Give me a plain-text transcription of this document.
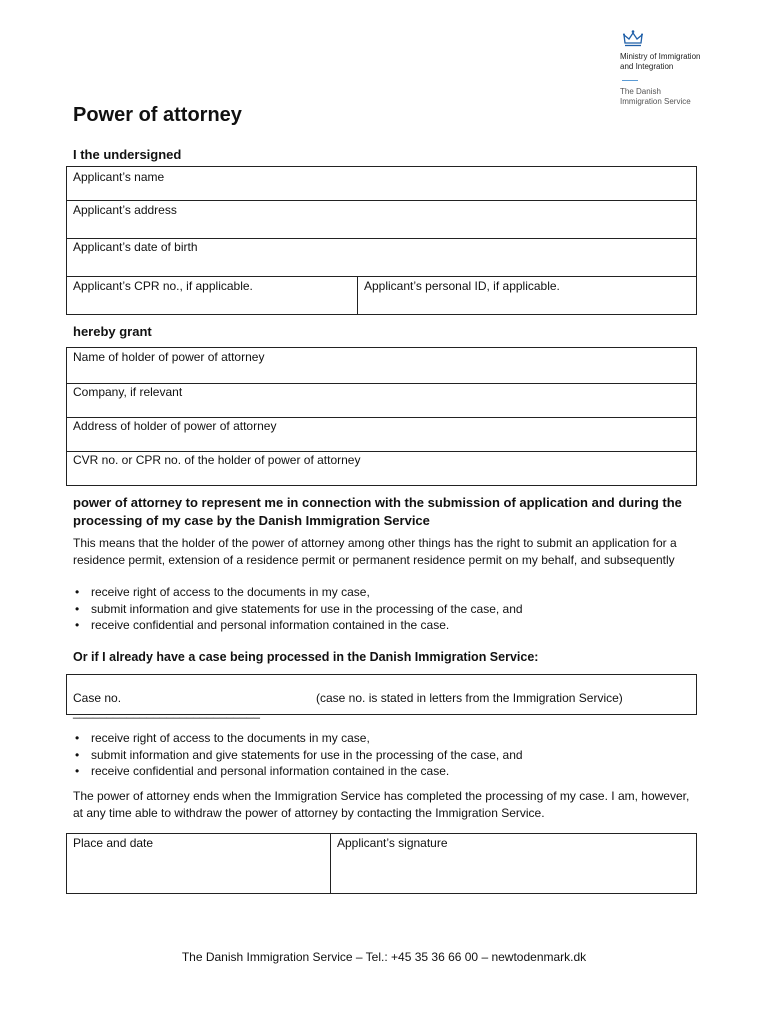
Ministry of Immigration
and Integration
The Danish
Immigration Service
Power of attorney
I the undersigned
Applicant’s name
Applicant’s address
Applicant’s date of birth
Applicant’s CPR no., if applicable.	Applicant’s personal ID, if applicable.
hereby grant
Name of holder of power of attorney
Company, if relevant
Address of holder of power of attorney
CVR no. or CPR no. of the holder of power of attorney
power of attorney to represent me in connection with the submission of application and during the processing of my case by the Danish Immigration Service
This means that the holder of the power of attorney among other things has the right to submit an application for a residence permit, extension of a residence permit or permanent residence permit on my behalf, and subsequently
• receive right of access to the documents in my case,
• submit information and give statements for use in the processing of the case, and
• receive confidential and personal information contained in the case.
Or if I already have a case being processed in the Danish Immigration Service:
Case no. ____________________________
(case no. is stated in letters from the Immigration Service)
• receive right of access to the documents in my case,
• submit information and give statements for use in the processing of the case, and
• receive confidential and personal information contained in the case.
The power of attorney ends when the Immigration Service has completed the processing of my case. I am, however, at any time able to withdraw the power of attorney by contacting the Immigration Service.
Place and date	Applicant’s signature
The Danish Immigration Service – Tel.: +45 35 36 66 00 – newtodenmark.dk
